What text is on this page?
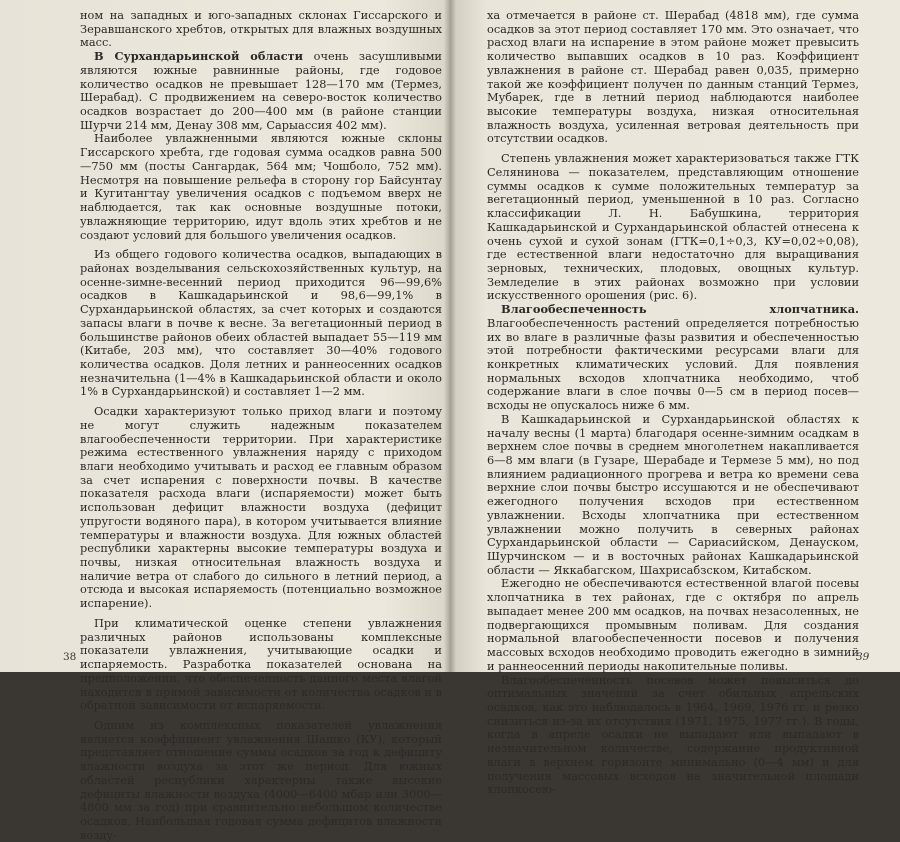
ном на западных и юго-западных склонах Гиссарского и Зеравшанского хребтов, открытых для влажных воздушных масс.

В Сурхандарьинской области очень засушливыми являются южные равнинные районы, где годовое количество осадков не превышает 128—170 мм (Термез, Шерабад). С продвижением на северо-восток количество осадков возрастает до 200—400 мм (в районе станции Шурчи 214 мм, Денау 308 мм, Сарыассия 402 мм).

Наиболее увлажненными являются южные склоны Гиссарского хребта, где годовая сумма осадков равна 500—750 мм (посты Сангардак, 564 мм; Чошболо, 752 мм). Несмотря на повышение рельефа в сторону гор Байсунтау и Кугитангтау увеличения осадков с подъемом вверх не наблюдается, так как основные воздушные потоки, увлажняющие территорию, идут вдоль этих хребтов и не создают условий для большого увеличения осадков.

Из общего годового количества осадков, выпадающих в районах возделывания сельскохозяйственных культур, на осенне-зимне-весенний период приходится 96—99,6% осадков в Кашкадарьинской и 98,6—99,1% в Сурхандарьинской областях, за счет которых и создаются запасы влаги в почве к весне. За вегетационный период в большинстве районов обеих областей выпадает 55—119 мм (Китабе, 203 мм), что составляет 30—40% годового количества осадков. Доля летних и раннеосенних осадков незначительна (1—4% в Кашкадарьинской области и около 1% в Сурхандарьинской) и составляет 1—2 мм.

Осадки характеризуют только приход влаги и поэтому не могут служить надежным показателем влагообеспеченности территории. При характеристике режима естественного увлажнения наряду с приходом влаги необходимо учитывать и расход ее главным образом за счет испарения с поверхности почвы. В качестве показателя расхода влаги (испаряемости) может быть использован дефицит влажности воздуха (дефицит упругости водяного пара), в котором учитывается влияние температуры и влажности воздуха. Для южных областей республики характерны высокие температуры воздуха и почвы, низкая относительная влажность воздуха и наличие ветра от слабого до сильного в летний период, а отсюда и высокая испаряемость (потенциально возможное испарение).

При климатической оценке степени увлажнения различных районов использованы комплексные показатели увлажнения, учитывающие осадки и испаряемость. Разработка показателей основана на предположении, что обеспеченность данного места влагой находится в прямой зависимости от количества осадков и в обратной зависимости от испаряемости.

Одним из комплексных показателей увлажнения является коэффициент увлажнения Шашко (КУ), который представляет отношение суммы осадков за год к дефициту влажности воздуха за этот же период. Для южных областей республики характерны также высокие дефициты влажности воздуха (4000—6400 мбар или 3000—4800 мм за год) при сравнительно небольшом количестве осадков. Наибольшая годовая сумма дефицитов влажности возду-

38

ха отмечается в районе ст. Шерабад (4818 мм), где сумма осадков за этот период составляет 170 мм. Это означает, что расход влаги на испарение в этом районе может превысить количество выпавших осадков в 10 раз. Коэффициент увлажнения в районе ст. Шерабад равен 0,035, примерно такой же коэффициент получен по данным станций Термез, Мубарек, где в летний период наблюдаются наиболее высокие температуры воздуха, низкая относительная влажность воздуха, усиленная ветровая деятельность при отсутствии осадков.

Степень увлажнения может характеризоваться также ГТК Селянинова — показателем, представляющим отношение суммы осадков к сумме положительных температур за вегетационный период, уменьшенной в 10 раз. Согласно классификации Л. Н. Бабушкина, территория Кашкадарьинской и Сурхандарьинской областей отнесена к очень сухой и сухой зонам (ГТК=0,1÷0,3, КУ=0,02÷0,08), где естественной влаги недостаточно для выращивания зерновых, технических, плодовых, овощных культур. Земледелие в этих районах возможно при условии искусственного орошения (рис. 6).

Влагообеспеченность хлопчатника. Влагообеспеченность растений определяется потребностью их во влаге в различные фазы развития и обеспеченностью этой потребности фактическими ресурсами влаги для конкретных климатических условий. Для появления нормальных всходов хлопчатника необходимо, чтоб содержание влаги в слое почвы 0—5 см в период посев—всходы не опускалось ниже 6 мм.

В Кашкадарьинской и Сурхандарьинской областях к началу весны (1 марта) благодаря осенне-зимним осадкам в верхнем слое почвы в среднем многолетнем накапливается 6—8 мм влаги (в Гузаре, Шерабаде и Термезе 5 мм), но под влиянием радиационного прогрева и ветра ко времени сева верхние слои почвы быстро иссушаются и не обеспечивают ежегодного получения всходов при естественном увлажнении. Всходы хлопчатника при естественном увлажнении можно получить в северных районах Сурхандарьинской области — Сариасийском, Денауском, Шурчинском — и в восточных районах Кашкадарьинской области — Яккабагском, Шахрисабзском, Китабском.

Ежегодно не обеспечиваются естественной влагой посевы хлопчатника в тех районах, где с октября по апрель выпадает менее 200 мм осадков, на почвах незасоленных, не подвергающихся промывным поливам. Для создания нормальной влагообеспеченности посевов и получения массовых всходов необходимо проводить ежегодно в зимний и раннеосенний периоды накопительные поливы.

Влагообеспеченность посевов может повыситься до оптимальных значений за счет обильных апрельских осадков, как это наблюдалось в 1964, 1969, 1976 гг. и резко снизиться из-за их отсутствия (1971, 1975, 1977 гг.). В годы, когда в апреле осадки не выпадают или выпадают в незначительном количестве, содержание продуктивной влаги в верхнем горизонте минимально (0—4 мм) и для получения массовых всходов на значительной площади хлопкосею-

39
